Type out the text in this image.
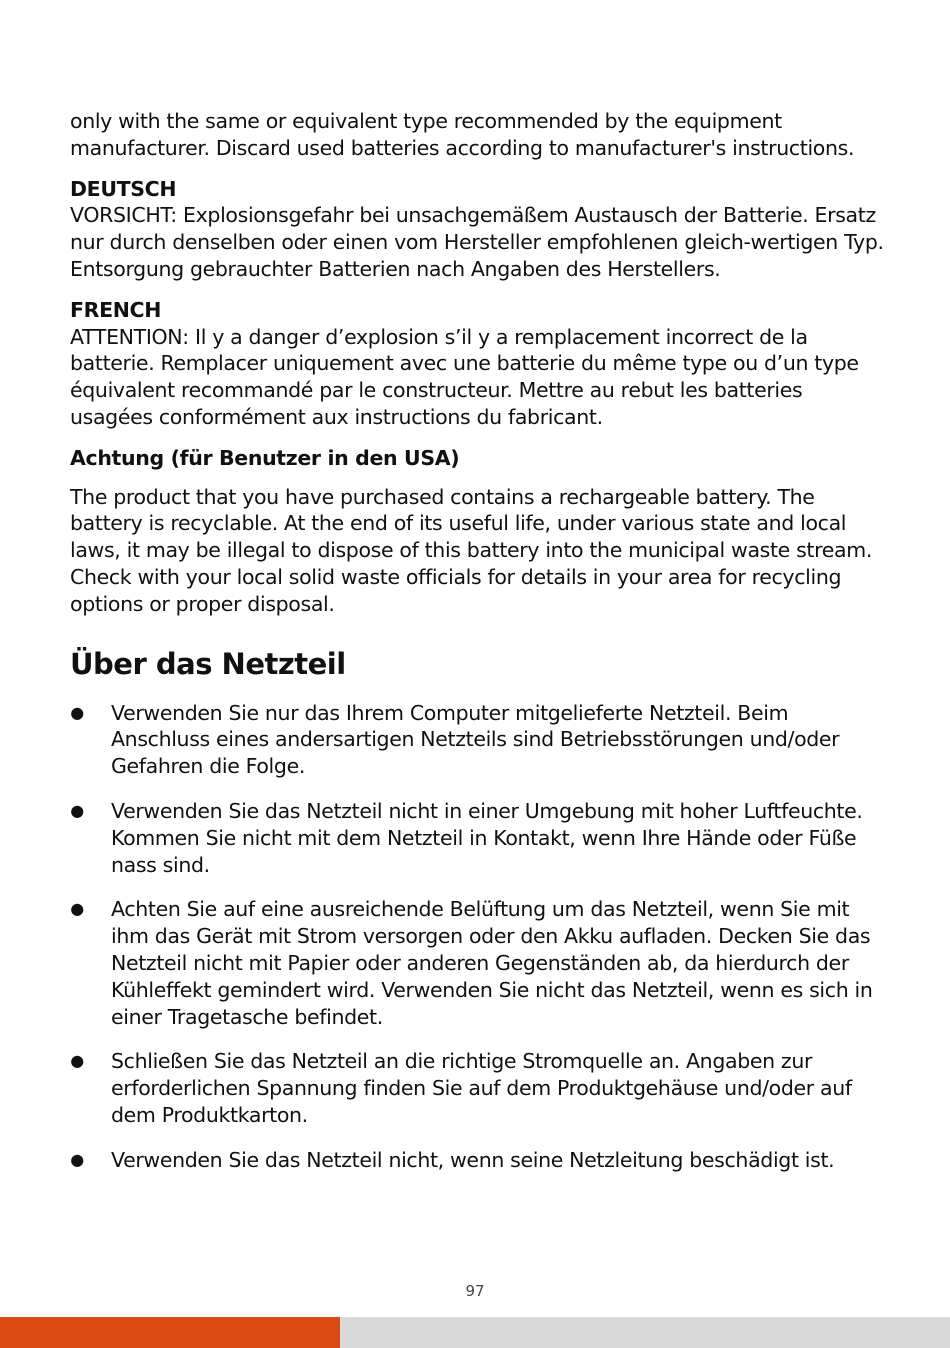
only with the same or equivalent type recommended by the equipment manufacturer. Discard used batteries according to manufacturer's instructions.

DEUTSCH
VORSICHT: Explosionsgefahr bei unsachgemäßem Austausch der Batterie. Ersatz nur durch denselben oder einen vom Hersteller empfohlenen gleich-wertigen Typ. Entsorgung gebrauchter Batterien nach Angaben des Herstellers.

FRENCH
ATTENTION: Il y a danger d’explosion s’il y a remplacement incorrect de la batterie. Remplacer uniquement avec une batterie du même type ou d’un type équivalent recommandé par le constructeur. Mettre au rebut les batteries usagées conformément aux instructions du fabricant.

Achtung (für Benutzer in den USA)

The product that you have purchased contains a rechargeable battery. The battery is recyclable. At the end of its useful life, under various state and local laws, it may be illegal to dispose of this battery into the municipal waste stream. Check with your local solid waste officials for details in your area for recycling options or proper disposal.

Über das Netzteil
● Verwenden Sie nur das Ihrem Computer mitgelieferte Netzteil. Beim Anschluss eines andersartigen Netzteils sind Betriebsstörungen und/oder Gefahren die Folge.
● Verwenden Sie das Netzteil nicht in einer Umgebung mit hoher Luftfeuchte. Kommen Sie nicht mit dem Netzteil in Kontakt, wenn Ihre Hände oder Füße nass sind.
● Achten Sie auf eine ausreichende Belüftung um das Netzteil, wenn Sie mit ihm das Gerät mit Strom versorgen oder den Akku aufladen. Decken Sie das Netzteil nicht mit Papier oder anderen Gegenständen ab, da hierdurch der Kühleffekt gemindert wird. Verwenden Sie nicht das Netzteil, wenn es sich in einer Tragetasche befindet.
● Schließen Sie das Netzteil an die richtige Stromquelle an. Angaben zur erforderlichen Spannung finden Sie auf dem Produktgehäuse und/oder auf dem Produktkarton.
● Verwenden Sie das Netzteil nicht, wenn seine Netzleitung beschädigt ist.
97
